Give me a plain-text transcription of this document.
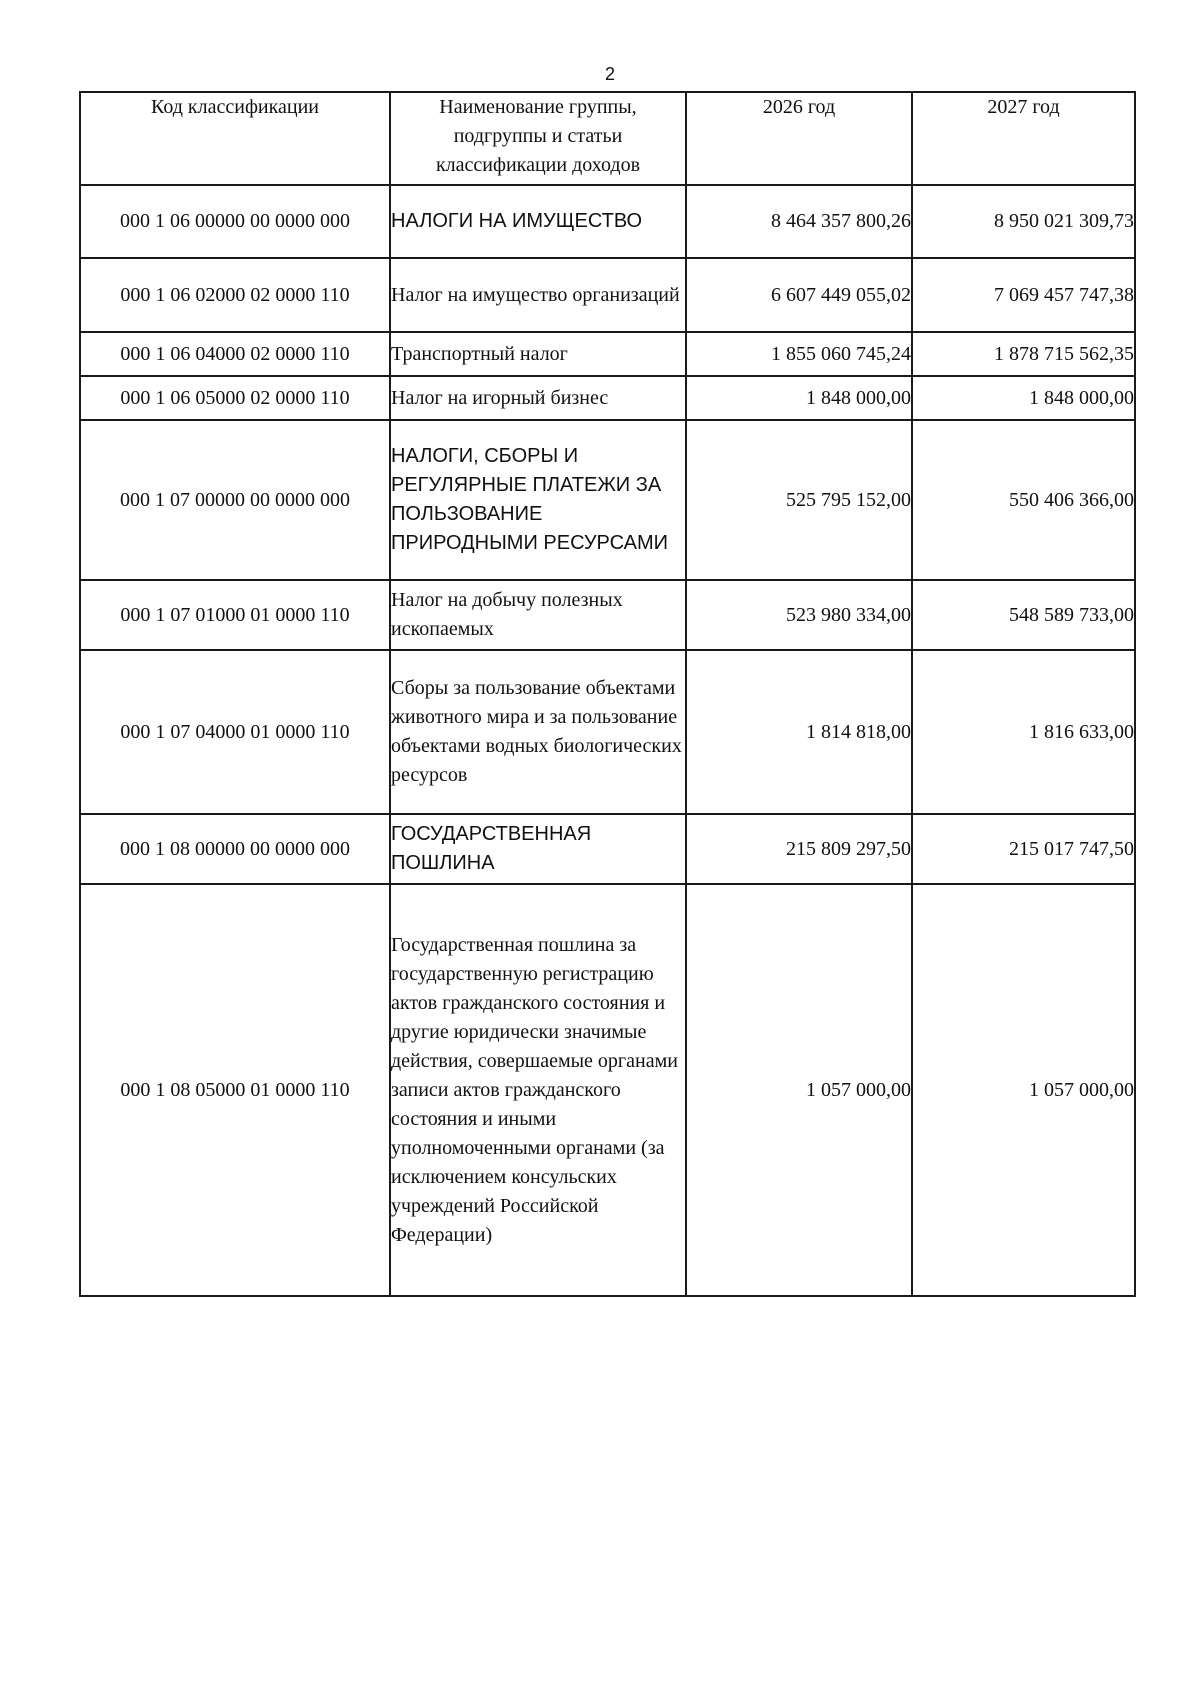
2
Код классификации	Наименование группы, подгруппы и статьи классификации доходов	2026 год	2027 год
000 1 06 00000 00 0000 000	НАЛОГИ НА ИМУЩЕСТВО	8 464 357 800,26	8 950 021 309,73
000 1 06 02000 02 0000 110	Налог на имущество организаций	6 607 449 055,02	7 069 457 747,38
000 1 06 04000 02 0000 110	Транспортный налог	1 855 060 745,24	1 878 715 562,35
000 1 06 05000 02 0000 110	Налог на игорный бизнес	1 848 000,00	1 848 000,00
000 1 07 00000 00 0000 000	НАЛОГИ, СБОРЫ И РЕГУЛЯРНЫЕ ПЛАТЕЖИ ЗА ПОЛЬЗОВАНИЕ ПРИРОДНЫМИ РЕСУРСАМИ	525 795 152,00	550 406 366,00
000 1 07 01000 01 0000 110	Налог на добычу полезных ископаемых	523 980 334,00	548 589 733,00
000 1 07 04000 01 0000 110	Сборы за пользование объектами животного мира и за пользование объектами водных биологических ресурсов	1 814 818,00	1 816 633,00
000 1 08 00000 00 0000 000	ГОСУДАРСТВЕННАЯ ПОШЛИНА	215 809 297,50	215 017 747,50
000 1 08 05000 01 0000 110	Государственная пошлина за государственную регистрацию актов гражданского состояния и другие юридически значимые действия, совершаемые органами записи актов гражданского состояния и иными уполномоченными органами (за исключением консульских учреждений Российской Федерации)	1 057 000,00	1 057 000,00
